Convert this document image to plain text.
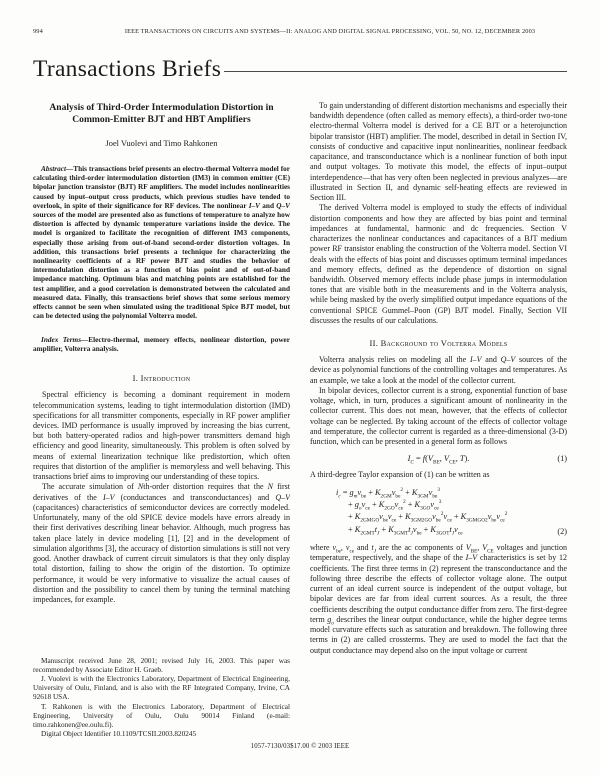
994	IEEE TRANSACTIONS ON CIRCUITS AND SYSTEMS—II: ANALOG AND DIGITAL SIGNAL PROCESSING, VOL. 50, NO. 12, DECEMBER 2003
Transactions Briefs
Analysis of Third-Order Intermodulation Distortion in Common-Emitter BJT and HBT Amplifiers
Joel Vuolevi and Timo Rahkonen

Abstract—This transactions brief presents an electro-thermal Volterra model for calculating third-order intermodulation distortion (IM3) in common emitter (CE) bipolar junction transistor (BJT) RF amplifiers. The model includes nonlinearities caused by input–output cross products, which previous studies have tended to overlook, in spite of their significance for RF devices. The nonlinear I–V and Q–V sources of the model are presented also as functions of temperature to analyze how distortion is affected by dynamic temperature variations inside the device. The model is organized to facilitate the recognition of different IM3 components, especially those arising from out-of-band second-order distortion voltages. In addition, this transactions brief presents a technique for characterizing the nonlinearity coefficients of a RF power BJT and studies the behavior of intermodulation distortion as a function of bias point and of out-of-band impedance matching. Optimum bias and matching points are established for the test amplifier, and a good correlation is demonstrated between the calculated and measured data. Finally, this transactions brief shows that some serious memory effects cannot be seen when simulated using the traditional Spice BJT model, but can be detected using the polynomial Volterra model.

Index Terms—Electro-thermal, memory effects, nonlinear distortion, power amplifier, Volterra analysis.

I. Introduction

Spectral efficiency is becoming a dominant requirement in modern telecommunication systems, leading to tight intermodulation distortion (IMD) specifications for all transmitter components, especially in RF power amplifier devices. IMD performance is usually improved by increasing the bias current, but both battery-operated radios and high-power transmitters demand high efficiency and good linearity, simultaneously. This problem is often solved by means of external linearization technique like predistortion, which often requires that distortion of the amplifier is memoryless and well behaving. This transactions brief aims to improving our understanding of these topics.

The accurate simulation of Nth-order distortion requires that the N first derivatives of the I–V (conductances and transconductances) and Q–V (capacitances) characteristics of semiconductor devices are correctly modeled. Unfortunately, many of the old SPICE device models have errors already in their first derivatives describing linear behavior. Although, much progress has taken place lately in device modeling [1], [2] and in the development of simulation algorithms [3], the accuracy of distortion simulations is still not very good. Another drawback of current circuit simulators is that they only display total distortion, failing to show the origin of the distortion. To optimize performance, it would be very informative to visualize the actual causes of distortion and the possibility to cancel them by tuning the terminal matching impedances, for example.

Manuscript received June 28, 2001; revised July 16, 2003. This paper was recommended by Associate Editor H. Graeb.

J. Vuolevi is with the Electronics Laboratory, Department of Electrical Engineering, University of Oulu, Finland, and is also with the RF Integrated Company, Irvine, CA 92618 USA.

T. Rahkonen is with the Electronics Laboratory, Department of Electrical Engineering, University of Oulu, Oulu 90014 Finland (e-mail: timo.rahkonen@ee.oulu.fi).

Digital Object Identifier 10.1109/TCSII.2003.820245

To gain understanding of different distortion mechanisms and especially their bandwidth dependence (often called as memory effects), a third-order two-tone electro-thermal Volterra model is derived for a CE BJT or a heterojunction bipolar transistor (HBT) amplifier. The model, described in detail in Section IV, consists of conductive and capacitive input nonlinearities, nonlinear feedback capacitance, and transconductance which is a nonlinear function of both input and output voltages. To motivate this model, the effects of input–output interdependence—that has very often been neglected in previous analyzes—are illustrated in Section II, and dynamic self-heating effects are reviewed in Section III.

The derived Volterra model is employed to study the effects of individual distortion components and how they are affected by bias point and terminal impedances at fundamental, harmonic and dc frequencies. Section V characterizes the nonlinear conductances and capacitances of a BJT medium power RF transistor enabling the construction of the Volterra model. Section VI deals with the effects of bias point and discusses optimum terminal impedances and memory effects, defined as the dependence of distortion on signal bandwidth. Observed memory effects include phase jumps in intermodulation tones that are visible both in the measurements and in the Volterra analysis, while being masked by the overly simplified output impedance equations of the conventional SPICE Gummel–Poon (GP) BJT model. Finally, Section VII discusses the results of our calculations.

II. Background to Volterra Models

Volterra analysis relies on modeling all the I–V and Q–V sources of the device as polynomial functions of the controlling voltages and temperatures. As an example, we take a look at the model of the collector current.

In bipolar devices, collector current is a strong, exponential function of base voltage, which, in turn, produces a significant amount of nonlinearity in the collector current. This does not mean, however, that the effects of collector voltage can be neglected. By taking account of the effects of collector voltage and temperature, the collector current is regarded as a three-dimensional (3-D) function, which can be presented in a general form as follows

$I_C = f(V_{BE}$, $V_{CE}$, T).	(1)

A third-degree Taylor expansion of (1) can be written as

$i_c = g_mv_{be} + K_{2GM}v_{be}^2 + K_{3GM}v_{be}^3$
+ $g_ov_{ce} + K_{2GO}v_{ce}^2 + K_{3GO}v_{ce}^3$
+ $K_{2GMGO}v_{be}v_{ce} + K_{3GM2GO}v_{be}^2v_{ce} + K_{3GMGO2}v_{be}v_{ce}^2$
+ $K_{2GMT}t_J + K_{3GMT}t_Jv_{be} + K_{3GOT}t_Jv_{ce}$	(2)

where $v_{be}$, $v_{ce}$ and $t_J$ are the ac components of $V_{BE}$, $V_{CE}$ voltages and junction temperature, respectively, and the shape of the I–V characteristics is set by 12 coefficients. The first three terms in (2) represent the transconductance and the following three describe the effects of collector voltage alone. The output current of an ideal current source is independent of the output voltage, but bipolar devices are far from ideal current sources. As a result, the three coefficients describing the output conductance differ from zero. The first-degree term $g_o$ describes the linear output conductance, while the higher degree terms model curvature effects such as saturation and breakdown. The following three terms in (2) are called crossterms. They are used to model the fact that the output conductance may depend also on the input voltage or current

1057-7130/03$17.00 © 2003 IEEE
